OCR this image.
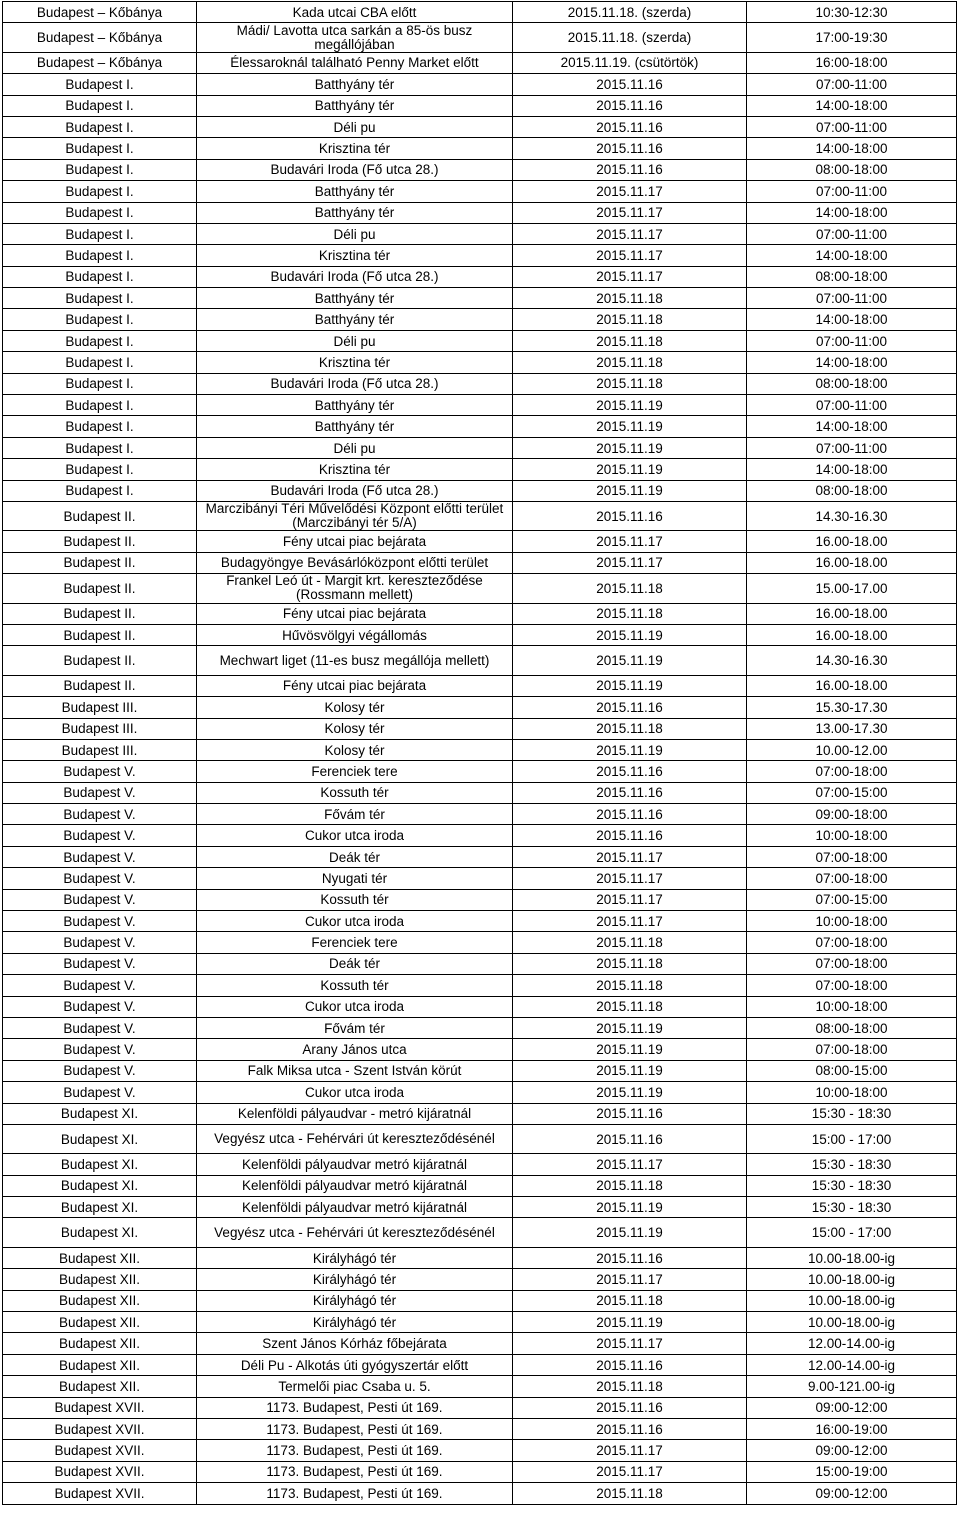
Budapest – Kőbánya	Kada utcai CBA előtt	2015.11.18. (szerda)	10:30-12:30
Budapest – Kőbánya	Mádi/ Lavotta utca sarkán a 85-ös busz megállójában	2015.11.18. (szerda)	17:00-19:30
Budapest – Kőbánya	Élessaroknál található Penny Market előtt	2015.11.19. (csütörtök)	16:00-18:00
Budapest I.	Batthyány tér	2015.11.16	07:00-11:00
Budapest I.	Batthyány tér	2015.11.16	14:00-18:00
Budapest I.	Déli pu	2015.11.16	07:00-11:00
Budapest I.	Krisztina tér	2015.11.16	14:00-18:00
Budapest I.	Budavári Iroda (Fő utca 28.)	2015.11.16	08:00-18:00
Budapest I.	Batthyány tér	2015.11.17	07:00-11:00
Budapest I.	Batthyány tér	2015.11.17	14:00-18:00
Budapest I.	Déli pu	2015.11.17	07:00-11:00
Budapest I.	Krisztina tér	2015.11.17	14:00-18:00
Budapest I.	Budavári Iroda (Fő utca 28.)	2015.11.17	08:00-18:00
Budapest I.	Batthyány tér	2015.11.18	07:00-11:00
Budapest I.	Batthyány tér	2015.11.18	14:00-18:00
Budapest I.	Déli pu	2015.11.18	07:00-11:00
Budapest I.	Krisztina tér	2015.11.18	14:00-18:00
Budapest I.	Budavári Iroda (Fő utca 28.)	2015.11.18	08:00-18:00
Budapest I.	Batthyány tér	2015.11.19	07:00-11:00
Budapest I.	Batthyány tér	2015.11.19	14:00-18:00
Budapest I.	Déli pu	2015.11.19	07:00-11:00
Budapest I.	Krisztina tér	2015.11.19	14:00-18:00
Budapest I.	Budavári Iroda (Fő utca 28.)	2015.11.19	08:00-18:00
Budapest II.	Marczibányi Téri Művelődési Központ előtti terület (Marczibányi tér 5/A)	2015.11.16	14.30-16.30
Budapest II.	Fény utcai piac bejárata	2015.11.17	16.00-18.00
Budapest II.	Budagyöngye Bevásárlóközpont előtti terület	2015.11.17	16.00-18.00
Budapest II.	Frankel Leó út - Margit krt. kereszteződése (Rossmann mellett)	2015.11.18	15.00-17.00
Budapest II.	Fény utcai piac bejárata	2015.11.18	16.00-18.00
Budapest II.	Hűvösvölgyi végállomás	2015.11.19	16.00-18.00
Budapest II.	Mechwart liget (11-es busz megállója mellett)	2015.11.19	14.30-16.30
Budapest II.	Fény utcai piac bejárata	2015.11.19	16.00-18.00
Budapest III.	Kolosy tér	2015.11.16	15.30-17.30
Budapest III.	Kolosy tér	2015.11.18	13.00-17.30
Budapest III.	Kolosy tér	2015.11.19	10.00-12.00
Budapest V.	Ferenciek tere	2015.11.16	07:00-18:00
Budapest V.	Kossuth tér	2015.11.16	07:00-15:00
Budapest V.	Fővám tér	2015.11.16	09:00-18:00
Budapest V.	Cukor utca iroda	2015.11.16	10:00-18:00
Budapest V.	Deák tér	2015.11.17	07:00-18:00
Budapest V.	Nyugati tér	2015.11.17	07:00-18:00
Budapest V.	Kossuth tér	2015.11.17	07:00-15:00
Budapest V.	Cukor utca iroda	2015.11.17	10:00-18:00
Budapest V.	Ferenciek tere	2015.11.18	07:00-18:00
Budapest V.	Deák tér	2015.11.18	07:00-18:00
Budapest V.	Kossuth tér	2015.11.18	07:00-18:00
Budapest V.	Cukor utca iroda	2015.11.18	10:00-18:00
Budapest V.	Fővám tér	2015.11.19	08:00-18:00
Budapest V.	Arany János utca	2015.11.19	07:00-18:00
Budapest V.	Falk Miksa utca - Szent István körút	2015.11.19	08:00-15:00
Budapest V.	Cukor utca iroda	2015.11.19	10:00-18:00
Budapest XI.	Kelenföldi pályaudvar - metró kijáratnál	2015.11.16	15:30 - 18:30
Budapest XI.	Vegyész utca - Fehérvári út kereszteződésénél	2015.11.16	15:00 - 17:00
Budapest XI.	Kelenföldi pályaudvar metró kijáratnál	2015.11.17	15:30 - 18:30
Budapest XI.	Kelenföldi pályaudvar metró kijáratnál	2015.11.18	15:30 - 18:30
Budapest XI.	Kelenföldi pályaudvar metró kijáratnál	2015.11.19	15:30 - 18:30
Budapest XI.	Vegyész utca - Fehérvári út kereszteződésénél	2015.11.19	15:00 - 17:00
Budapest XII.	Királyhágó tér	2015.11.16	10.00-18.00-ig
Budapest XII.	Királyhágó tér	2015.11.17	10.00-18.00-ig
Budapest XII.	Királyhágó tér	2015.11.18	10.00-18.00-ig
Budapest XII.	Királyhágó tér	2015.11.19	10.00-18.00-ig
Budapest XII.	Szent János Kórház főbejárata	2015.11.17	12.00-14.00-ig
Budapest XII.	Déli Pu - Alkotás úti gyógyszertár előtt	2015.11.16	12.00-14.00-ig
Budapest XII.	Termelői piac Csaba u. 5.	2015.11.18	9.00-121.00-ig
Budapest XVII.	1173. Budapest, Pesti út 169.	2015.11.16	09:00-12:00
Budapest XVII.	1173. Budapest, Pesti út 169.	2015.11.16	16:00-19:00
Budapest XVII.	1173. Budapest, Pesti út 169.	2015.11.17	09:00-12:00
Budapest XVII.	1173. Budapest, Pesti út 169.	2015.11.17	15:00-19:00
Budapest XVII.	1173. Budapest, Pesti út 169.	2015.11.18	09:00-12:00
